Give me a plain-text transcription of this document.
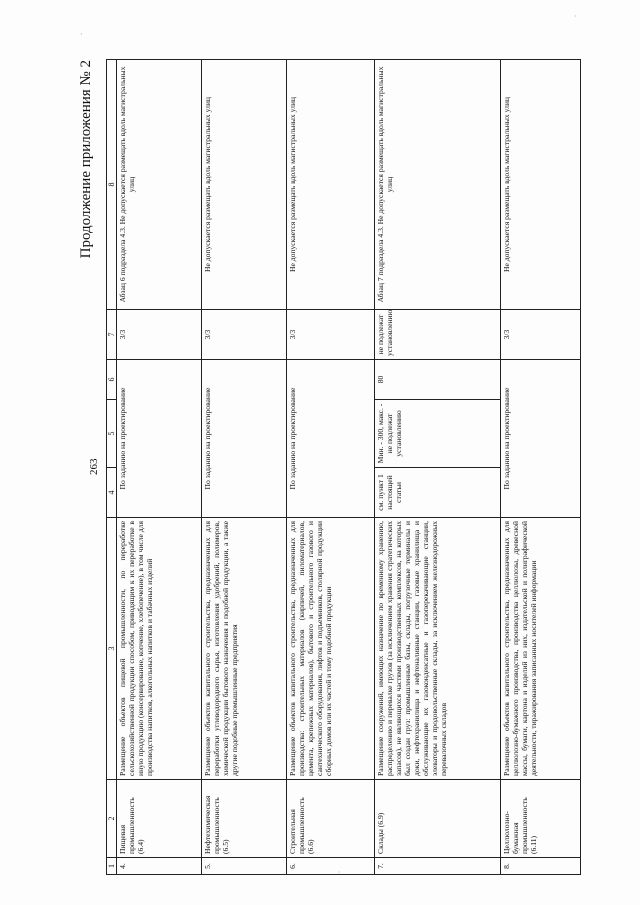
·
·
·
263
Продолжение приложения № 2
1	2	3	4	5	6	7	8
4.	Пищевая промышленность (6.4)	Размещение объектов пищевой промышленности, по переработке сельскохозяйственной продукции способом, приводящим к их переработке в иную продукцию (консервирование, копчение, хлебопечение), в том числе для производства напитков, алкогольных напитков и табачных изделий	По заданию на проектирование			3/3	Абзац 6 подраздела 4.3. Не допускается размещать вдоль магистральных улиц
5.	Нефтехимическая промышленность (6.5)	Размещение объектов капитального строительства, предназначенных для переработки углеводородного сырья, изготовления удобрений, полимеров, химической продукции бытового назначения и подобной продукции, а также другие подобные промышленные предприятия	По заданию на проектирование			3/3	Не допускается размещать вдоль магистральных улиц
6.	Строительная промышленность (6.6)	Размещение объектов капитального строительства, предназначенных для производства: строительных материалов (кирпичей, пиломатериалов, цемента, крепежных материалов), бытового и строительного газового и сантехнического оборудования, лифтов и подъемников, столярной продукции сборных домов или их частей и тому подобной продукции	По заданию на проектирование			3/3	Не допускается размещать вдоль магистральных улиц
7.	Склады (6.9)	Размещение сооружений, имеющих назначение по временному хранению, распределению и перевалке грузов (за исключением хранения стратегических запасов), не являющихся частями производственных комплексов, на которых был создан груз: промышленные базы, склады, погрузочные терминалы и доки, нефтехранилища и нефтеналивные станции, газовые хранилища и обслуживающие их газоконденсатные и газоперекачивающие станции, элеваторы и продовольственные склады, за исключением железнодорожных перевалочных складов	см. пункт 1 настоящей статьи	Мин. - 300, макс. - не подлежат установлению	80	не подлежат установлению	Абзац 7 подраздела 4.3. Не допускается размещать вдоль магистральных улиц
8.	Целлюлозно-бумажная промышленность (6.11)	Размещение объектов капитального строительства, предназначенных для целлюлозно-бумажного производства, производства целлюлозы, древесной массы, бумаги, картона и изделий из них, издательской и полиграфической деятельности, тиражирования записанных носителей информации	По заданию на проектирование			3/3	Не допускается размещать вдоль магистральных улиц
